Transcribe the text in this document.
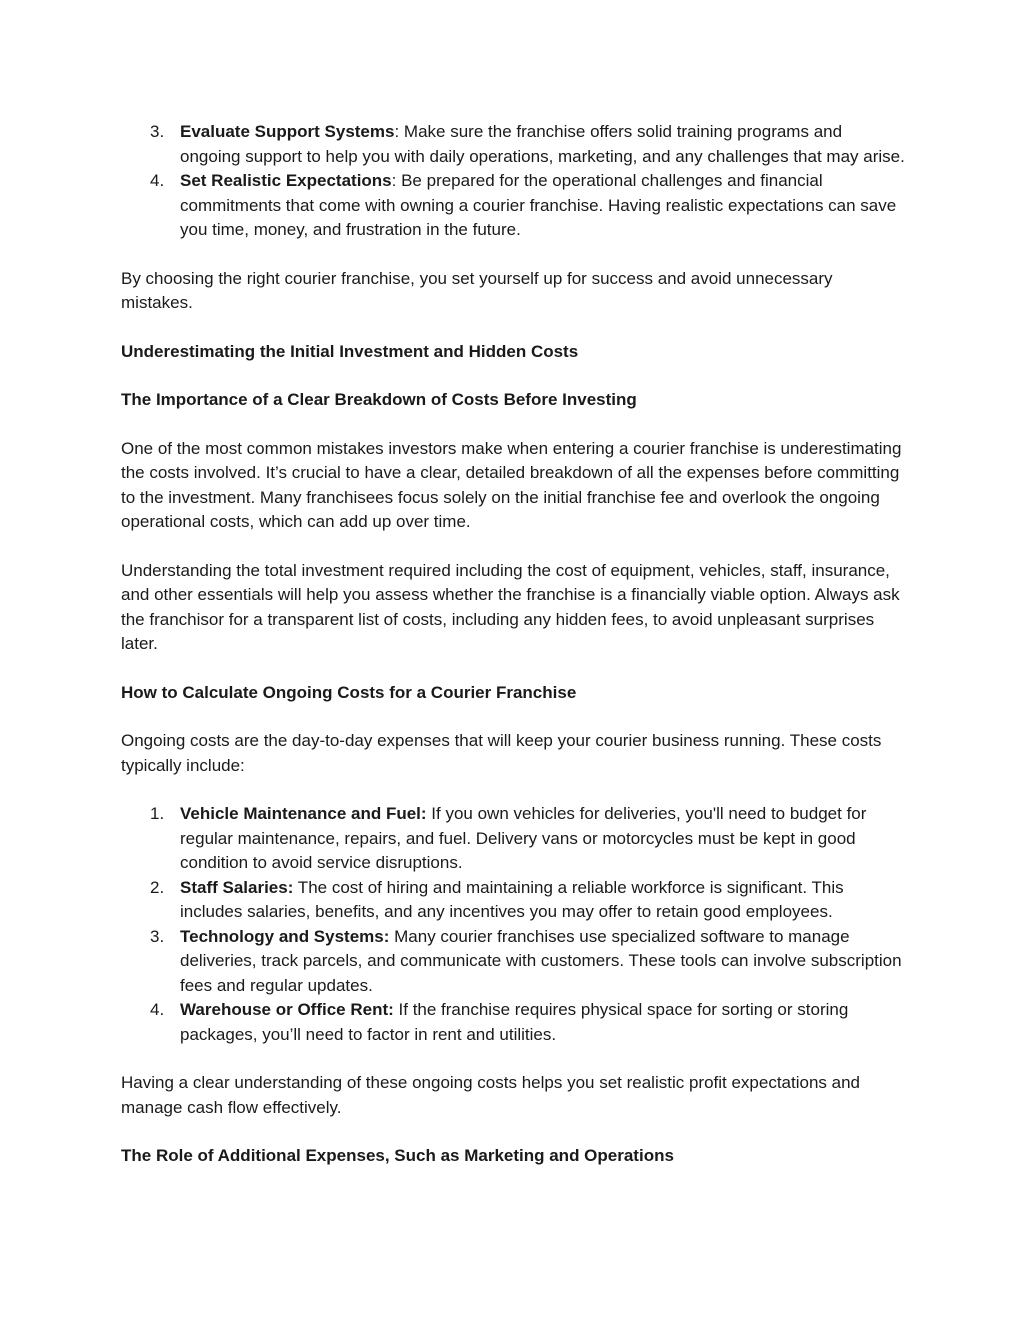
3. Evaluate Support Systems: Make sure the franchise offers solid training programs and ongoing support to help you with daily operations, marketing, and any challenges that may arise.
4. Set Realistic Expectations: Be prepared for the operational challenges and financial commitments that come with owning a courier franchise. Having realistic expectations can save you time, money, and frustration in the future.

By choosing the right courier franchise, you set yourself up for success and avoid unnecessary mistakes.

Underestimating the Initial Investment and Hidden Costs

The Importance of a Clear Breakdown of Costs Before Investing

One of the most common mistakes investors make when entering a courier franchise is underestimating the costs involved. It’s crucial to have a clear, detailed breakdown of all the expenses before committing to the investment. Many franchisees focus solely on the initial franchise fee and overlook the ongoing operational costs, which can add up over time.

Understanding the total investment required including the cost of equipment, vehicles, staff, insurance, and other essentials will help you assess whether the franchise is a financially viable option. Always ask the franchisor for a transparent list of costs, including any hidden fees, to avoid unpleasant surprises later.

How to Calculate Ongoing Costs for a Courier Franchise

Ongoing costs are the day-to-day expenses that will keep your courier business running. These costs typically include:

1. Vehicle Maintenance and Fuel: If you own vehicles for deliveries, you'll need to budget for regular maintenance, repairs, and fuel. Delivery vans or motorcycles must be kept in good condition to avoid service disruptions.
2. Staff Salaries: The cost of hiring and maintaining a reliable workforce is significant. This includes salaries, benefits, and any incentives you may offer to retain good employees.
3. Technology and Systems: Many courier franchises use specialized software to manage deliveries, track parcels, and communicate with customers. These tools can involve subscription fees and regular updates.
4. Warehouse or Office Rent: If the franchise requires physical space for sorting or storing packages, you’ll need to factor in rent and utilities.

Having a clear understanding of these ongoing costs helps you set realistic profit expectations and manage cash flow effectively.

The Role of Additional Expenses, Such as Marketing and Operations
